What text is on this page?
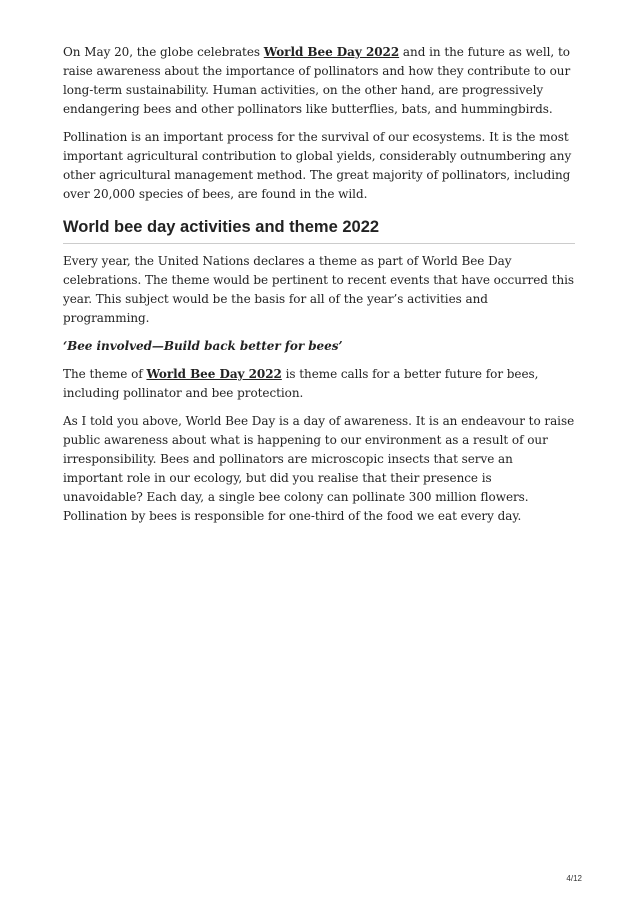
On May 20, the globe celebrates World Bee Day 2022 and in the future as well, to raise awareness about the importance of pollinators and how they contribute to our long-term sustainability. Human activities, on the other hand, are progressively endangering bees and other pollinators like butterflies, bats, and hummingbirds.

Pollination is an important process for the survival of our ecosystems. It is the most important agricultural contribution to global yields, considerably outnumbering any other agricultural management method. The great majority of pollinators, including over 20,000 species of bees, are found in the wild.

World bee day activities and theme 2022

Every year, the United Nations declares a theme as part of World Bee Day celebrations. The theme would be pertinent to recent events that have occurred this year. This subject would be the basis for all of the year’s activities and programming.

‘Bee involved—Build back better for bees’

The theme of World Bee Day 2022 is theme calls for a better future for bees, including pollinator and bee protection.

As I told you above, World Bee Day is a day of awareness. It is an endeavour to raise public awareness about what is happening to our environment as a result of our irresponsibility. Bees and pollinators are microscopic insects that serve an important role in our ecology, but did you realise that their presence is unavoidable? Each day, a single bee colony can pollinate 300 million flowers. Pollination by bees is responsible for one-third of the food we eat every day.

4/12
